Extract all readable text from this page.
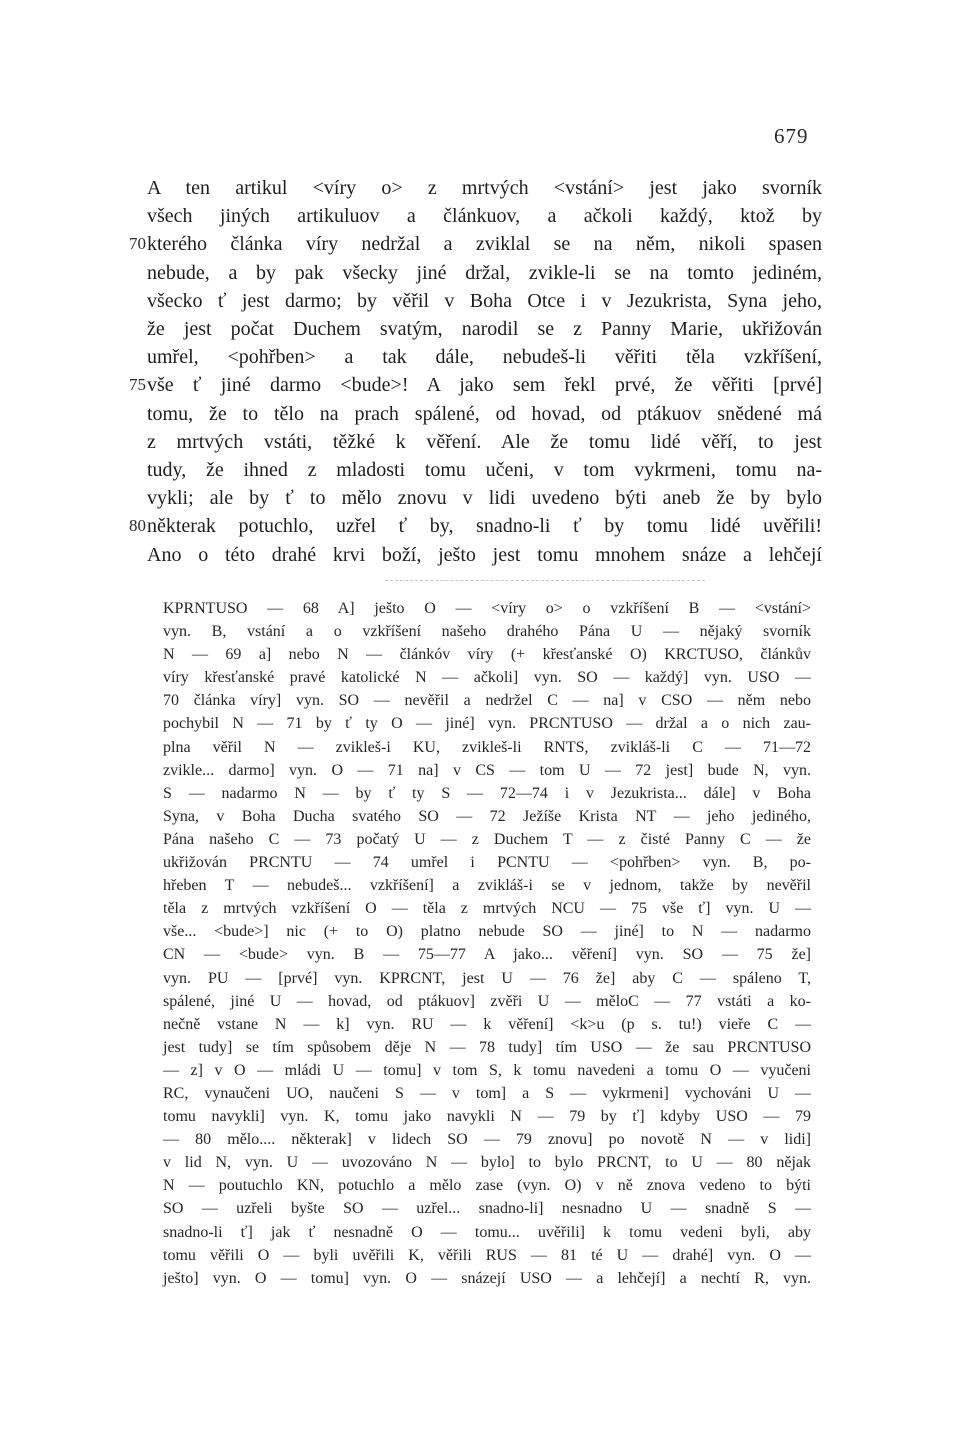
679
A ten artikul <víry o> z mrtvých <vstání> jest jako svorník
všech jiných artikuluov a článkuov, a ačkoli každý, ktož by
70 kterého článka víry nedržal a zviklal se na něm, nikoli spasen
nebude, a by pak všecky jiné držal, zvikle-li se na tomto jediném,
všecko ť jest darmo; by věřil v Boha Otce i v Jezukrista, Syna jeho,
že jest počat Duchem svatým, narodil se z Panny Marie, ukřižován
umřel, <pohřben> a tak dále, nebudeš-li věřiti těla vzkříšení,
75 vše ť jiné darmo <bude>! A jako sem řekl prvé, že věřiti [prvé]
tomu, že to tělo na prach spálené, od hovad, od ptákuov snědené má
z mrtvých vstáti, těžké k věření. Ale že tomu lidé věří, to jest
tudy, že ihned z mladosti tomu učeni, v tom vykrmeni, tomu na-
vykli; ale by ť to mělo znovu v lidi uvedeno býti aneb že by bylo
80 některak potuchlo, uzřel ť by, snadno-li ť by tomu lidé uvěřili!
Ano o této drahé krvi boží, ješto jest tomu mnohem snáze a lehčejí
KPRNTUSO — 68 A] ješto O — <víry o> o vzkříšení B — <vstání>
vyn. B, vstání a o vzkříšení našeho drahého Pána U — nějaký svorník
N — 69 a] nebo N — článkóv víry (+ křesťanské O) KRCTUSO, článkův
víry křesťanské pravé katolické N — ačkoli] vyn. SO — každý] vyn. USO —
70 článka víry] vyn. SO — nevěřil a nedržel C — na] v CSO — něm nebo
pochybil N — 71 by ť ty O — jiné] vyn. PRCNTUSO — držal a o nich zau-
plna věřil N — zvikleš-i KU, zvikleš-li RNTS, zvikláš-li C — 71—72
zvikle... darmo] vyn. O — 71 na] v CS — tom U — 72 jest] bude N, vyn.
S — nadarmo N — by ť ty S — 72—74 i v Jezukrista... dále] v Boha
Syna, v Boha Ducha svatého SO — 72 Ježíše Krista NT — jeho jediného,
Pána našeho C — 73 počatý U — z Duchem T — z čisté Panny C — že
ukřižován PRCNTU — 74 umřel i PCNTU — <pohřben> vyn. B, po-
hřeben T — nebudeš... vzkříšení] a zvikláš-i se v jednom, takže by nevěřil
těla z mrtvých vzkříšení O — těla z mrtvých NCU — 75 vše ť] vyn. U —
vše... <bude>] nic (+ to O) platno nebude SO — jiné] to N — nadarmo
CN — <bude> vyn. B — 75—77 A jako... věření] vyn. SO — 75 že]
vyn. PU — [prvé] vyn. KPRCNT, jest U — 76 že] aby C — spáleno T,
spálené, jiné U — hovad, od ptákuov] zvěři U — měloC — 77 vstáti a ko-
nečně vstane N — k] vyn. RU — k věření] <k>u (p s. tu!) vieře C —
jest tudy] se tím spůsobem děje N — 78 tudy] tím USO — že sau PRCNTUSO
— z] v O — mládi U — tomu] v tom S, k tomu navedeni a tomu O — vyučeni
RC, vynaučeni UO, naučeni S — v tom] a S — vykrmeni] vychováni U —
tomu navykli] vyn. K, tomu jako navykli N — 79 by ť] kdyby USO — 79
— 80 mělo.... některak] v lidech SO — 79 znovu] po novotě N — v lidi]
v lid N, vyn. U — uvozováno N — bylo] to bylo PRCNT, to U — 80 nějak
N — poutuchlo KN, potuchlo a mělo zase (vyn. O) v ně znova vedeno to býti
SO — uzřeli byšte SO — uzřel... snadno-li] nesnadno U — snadně S —
snadno-li ť] jak ť nesnadně O — tomu... uvěřili] k tomu vedeni byli, aby
tomu věřili O — byli uvěřili K, věřili RUS — 81 té U — drahé] vyn. O —
ješto] vyn. O — tomu] vyn. O — snázejí USO — a lehčejí] a nechtí R, vyn.
